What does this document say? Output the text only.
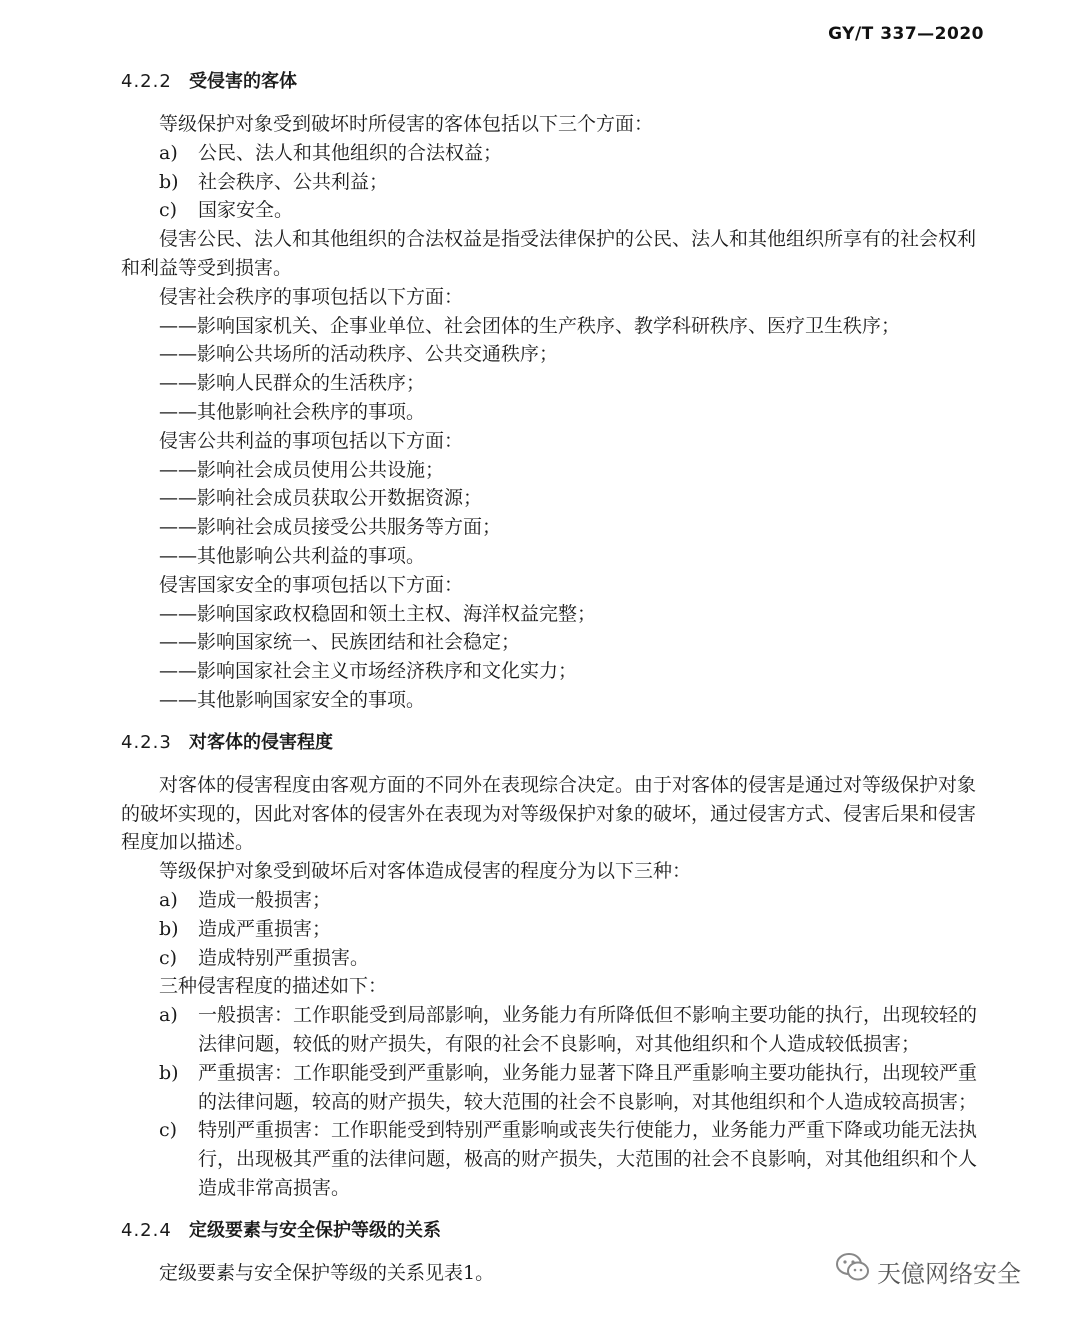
GY/T 337—2020
4.2.2 受侵害的客体

等级保护对象受到破坏时所侵害的客体包括以下三个方面：

a)	公民、法人和其他组织的合法权益；
b)	社会秩序、公共利益；
c)	国家安全。

侵害公民、法人和其他组织的合法权益是指受法律保护的公民、法人和其他组织所享有的社会权利和利益等受到损害。

侵害社会秩序的事项包括以下方面：

—— 影响国家机关、企事业单位、社会团体的生产秩序、教学科研秩序、医疗卫生秩序；
—— 影响公共场所的活动秩序、公共交通秩序；
—— 影响人民群众的生活秩序；
—— 其他影响社会秩序的事项。

侵害公共利益的事项包括以下方面：

—— 影响社会成员使用公共设施；
—— 影响社会成员获取公开数据资源；
—— 影响社会成员接受公共服务等方面；
—— 其他影响公共利益的事项。

侵害国家安全的事项包括以下方面：

—— 影响国家政权稳固和领土主权、海洋权益完整；
—— 影响国家统一、民族团结和社会稳定；
—— 影响国家社会主义市场经济秩序和文化实力；
—— 其他影响国家安全的事项。
4.2.3 对客体的侵害程度

对客体的侵害程度由客观方面的不同外在表现综合决定。由于对客体的侵害是通过对等级保护对象的破坏实现的，因此对客体的侵害外在表现为对等级保护对象的破坏，通过侵害方式、侵害后果和侵害程度加以描述。

等级保护对象受到破坏后对客体造成侵害的程度分为以下三种：

a)	造成一般损害；
b)	造成严重损害；
c)	造成特别严重损害。

三种侵害程度的描述如下：

a)	一般损害：工作职能受到局部影响，业务能力有所降低但不影响主要功能的执行，出现较轻的法律问题，较低的财产损失，有限的社会不良影响，对其他组织和个人造成较低损害；
b)	严重损害：工作职能受到严重影响，业务能力显著下降且严重影响主要功能执行，出现较严重的法律问题，较高的财产损失，较大范围的社会不良影响，对其他组织和个人造成较高损害；
c)	特别严重损害：工作职能受到特别严重影响或丧失行使能力，业务能力严重下降或功能无法执行，出现极其严重的法律问题，极高的财产损失，大范围的社会不良影响，对其他组织和个人造成非常高损害。
4.2.4 定级要素与安全保护等级的关系

定级要素与安全保护等级的关系见表1。	天億网络安全
